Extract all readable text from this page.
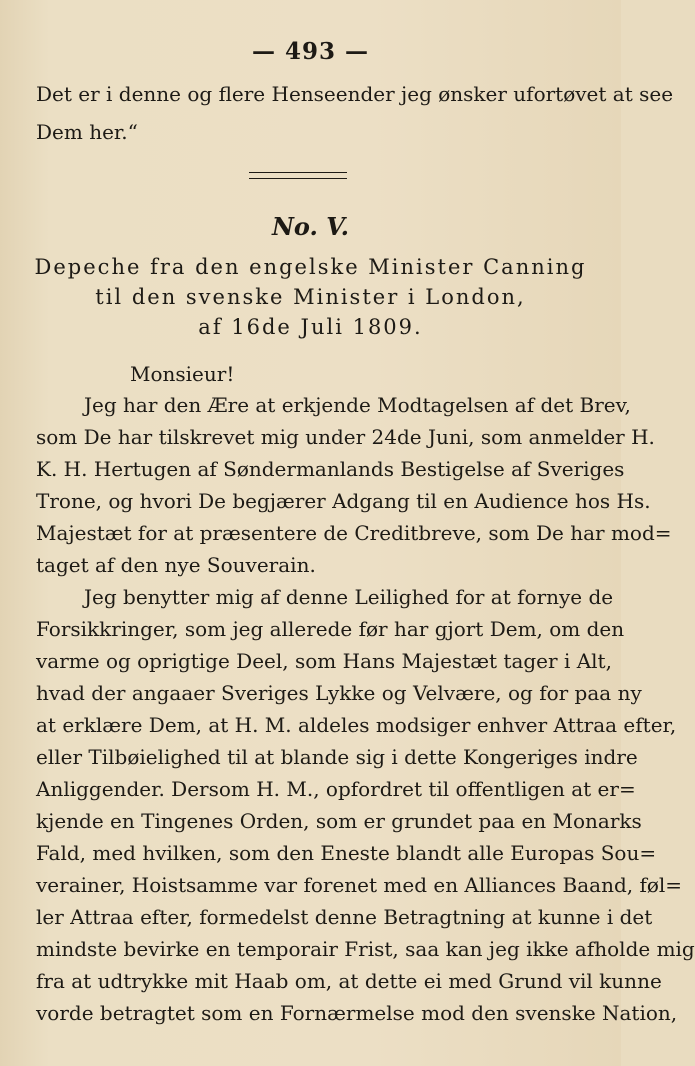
— 493 —
Det er i denne og flere Henseender jeg ønsker ufortøvet at see
Dem her.“
No. V.
Depeche fra den engelske Minister Canning
til den svenske Minister i London,
af 16de Juli 1809.
Monsieur!
Jeg har den Ære at erkjende Modtagelsen af det Brev,
som De har tilskrevet mig under 24de Juni, som anmelder H.
K. H. Hertugen af Søndermanlands Bestigelse af Sveriges
Trone, og hvori De begjærer Adgang til en Audience hos Hs.
Majestæt for at præsentere de Creditbreve, som De har mod=
taget af den nye Souverain.
Jeg benytter mig af denne Leilighed for at fornye de
Forsikkringer, som jeg allerede før har gjort Dem, om den
varme og oprigtige Deel, som Hans Majestæt tager i Alt,
hvad der angaaer Sveriges Lykke og Velvære, og for paa ny
at erklære Dem, at H. M. aldeles modsiger enhver Attraa efter,
eller Tilbøielighed til at blande sig i dette Kongeriges indre
Anliggender. Dersom H. M., opfordret til offentligen at er=
kjende en Tingenes Orden, som er grundet paa en Monarks
Fald, med hvilken, som den Eneste blandt alle Europas Sou=
verainer, Hoistsamme var forenet med en Alliances Baand, føl=
ler Attraa efter, formedelst denne Betragtning at kunne i det
mindste bevirke en temporair Frist, saa kan jeg ikke afholde mig
fra at udtrykke mit Haab om, at dette ei med Grund vil kunne
vorde betragtet som en Fornærmelse mod den svenske Nation,
